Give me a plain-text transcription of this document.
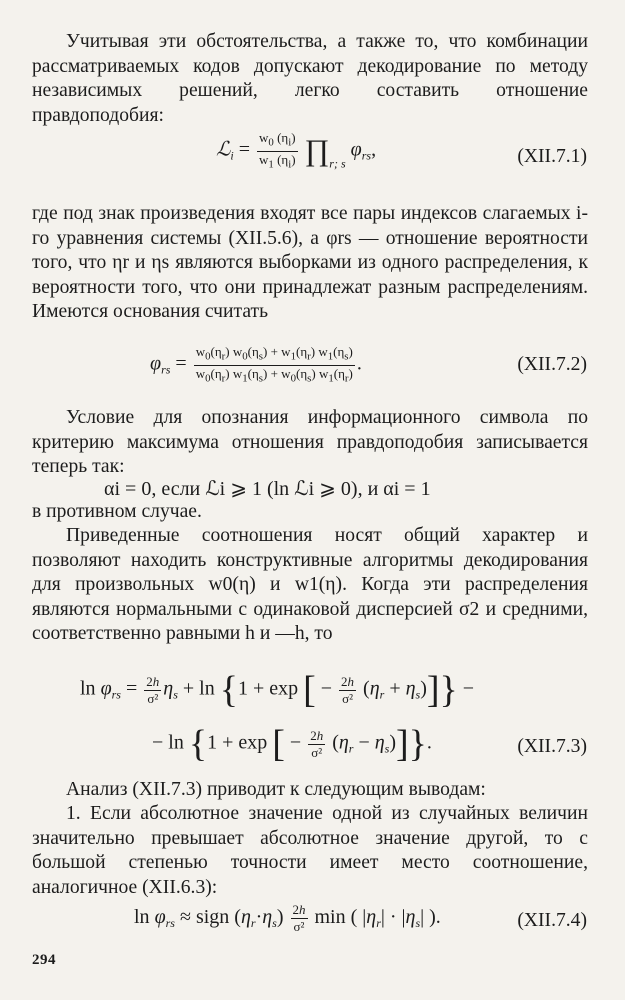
Учитывая эти обстоятельства, а также то, что комбинации рассматриваемых кодов допускают декодирование по методу независимых решений, легко составить отношение правдоподобия:

ℒ$_i$ = $\frac{w_0 (\eta_i)}{w_1 (\eta_i)}$ $\prod_{r; s}$ $\varphi_{rs}$,	(XII.7.1)

где под знак произведения входят все пары индексов слагаемых i-го уравнения системы (XII.5.6), а φrs — отношение вероятности того, что ηr и ηs являются выборками из одного распределения, к вероятности того, что они принадлежат разным распределениям. Имеются основания считать

$\varphi_{rs} = \frac{w_0(\eta_r) w_0(\eta_s) + w_1(\eta_r) w_1(\eta_s)}{w_0(\eta_r) w_1(\eta_s) + w_0(\eta_s) w_1(\eta_r)}$ .	(XII.7.2)

Условие для опознания информационного символа по критерию максимума отношения правдоподобия записывается теперь так:

αi = 0, если ℒi ⩾ 1 (ln ℒi ⩾ 0), и αi = 1

в противном случае.

Приведенные соотношения носят общий характер и позволяют находить конструктивные алгоритмы декодирования для произвольных w0(η) и w1(η). Когда эти распределения являются нормальными с одинаковой дисперсией σ2 и средними, соответственно равными h и —h, то

$\ln \varphi_{rs} = \frac{2h}{\text{σ²}} \eta_s + \ln \{1 + \exp$ [ − $\frac{2h}{\text{σ²}} (\eta_r + \eta_s)$]} −
− ln {1 + exp [ − $\frac{2h}{\text{σ²}} (\eta_r - \eta_s)$]}.	(XII.7.3)

Анализ (XII.7.3) приводит к следующим выводам:

1. Если абсолютное значение одной из случайных величин значительно превышает абсолютное значение другой, то с большой степенью точности имеет место соотношение, аналогичное (XII.6.3):

$\ln \varphi_{rs}$ ≈ sign $(\eta_r\cdot\eta_s) \frac{2h}{\text{σ²}}$ min ( $|\eta_r| \cdot |\eta_s|$ ).	(XII.7.4)
294
